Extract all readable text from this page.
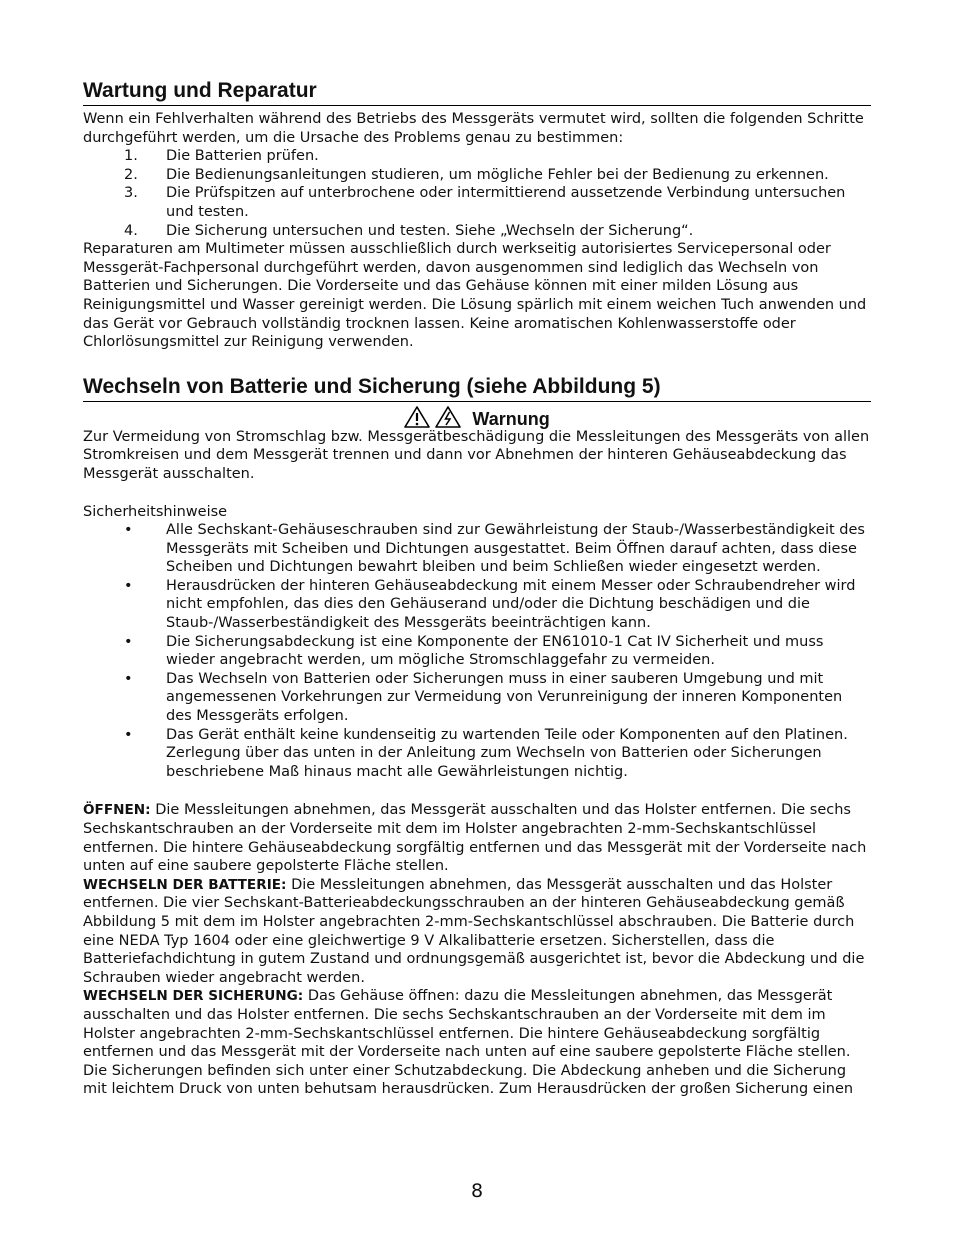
Wartung und Reparatur

Wenn ein Fehlverhalten während des Betriebs des Messgeräts vermutet wird, sollten die folgenden Schritte durchgeführt werden, um die Ursache des Problems genau zu bestimmen:

1. Die Batterien prüfen.
2. Die Bedienungsanleitungen studieren, um mögliche Fehler bei der Bedienung zu erkennen.
3. Die Prüfspitzen auf unterbrochene oder intermittierend aussetzende Verbindung untersuchen und testen.
4. Die Sicherung untersuchen und testen. Siehe „Wechseln der Sicherung“.

Reparaturen am Multimeter müssen ausschließlich durch werkseitig autorisiertes Servicepersonal oder Messgerät-Fachpersonal durchgeführt werden, davon ausgenommen sind lediglich das Wechseln von Batterien und Sicherungen. Die Vorderseite und das Gehäuse können mit einer milden Lösung aus Reinigungsmittel und Wasser gereinigt werden. Die Lösung spärlich mit einem weichen Tuch anwenden und das Gerät vor Gebrauch vollständig trocknen lassen. Keine aromatischen Kohlenwasserstoffe oder Chlorlösungsmittel zur Reinigung verwenden.

Wechseln von Batterie und Sicherung (siehe Abbildung 5)
Warnung

Zur Vermeidung von Stromschlag bzw. Messgerätbeschädigung die Messleitungen des Messgeräts von allen Stromkreisen und dem Messgerät trennen und dann vor Abnehmen der hinteren Gehäuseabdeckung das Messgerät ausschalten.

Sicherheitshinweise

• Alle Sechskant-Gehäuseschrauben sind zur Gewährleistung der Staub-/Wasserbeständigkeit des Messgeräts mit Scheiben und Dichtungen ausgestattet. Beim Öffnen darauf achten, dass diese Scheiben und Dichtungen bewahrt bleiben und beim Schließen wieder eingesetzt werden.
• Herausdrücken der hinteren Gehäuseabdeckung mit einem Messer oder Schraubendreher wird nicht empfohlen, das dies den Gehäuserand und/oder die Dichtung beschädigen und die Staub-/Wasserbeständigkeit des Messgeräts beeinträchtigen kann.
• Die Sicherungsabdeckung ist eine Komponente der EN61010-1 Cat IV Sicherheit und muss wieder angebracht werden, um mögliche Stromschlaggefahr zu vermeiden.
• Das Wechseln von Batterien oder Sicherungen muss in einer sauberen Umgebung und mit angemessenen Vorkehrungen zur Vermeidung von Verunreinigung der inneren Komponenten des Messgeräts erfolgen.
• Das Gerät enthält keine kundenseitig zu wartenden Teile oder Komponenten auf den Platinen. Zerlegung über das unten in der Anleitung zum Wechseln von Batterien oder Sicherungen beschriebene Maß hinaus macht alle Gewährleistungen nichtig.

ÖFFNEN: Die Messleitungen abnehmen, das Messgerät ausschalten und das Holster entfernen. Die sechs Sechskantschrauben an der Vorderseite mit dem im Holster angebrachten 2-mm-Sechskantschlüssel entfernen. Die hintere Gehäuseabdeckung sorgfältig entfernen und das Messgerät mit der Vorderseite nach unten auf eine saubere gepolsterte Fläche stellen.

WECHSELN DER BATTERIE: Die Messleitungen abnehmen, das Messgerät ausschalten und das Holster entfernen. Die vier Sechskant-Batterieabdeckungsschrauben an der hinteren Gehäuseabdeckung gemäß Abbildung 5 mit dem im Holster angebrachten 2-mm-Sechskantschlüssel abschrauben. Die Batterie durch eine NEDA Typ 1604 oder eine gleichwertige 9 V Alkalibatterie ersetzen. Sicherstellen, dass die Batteriefachdichtung in gutem Zustand und ordnungsgemäß ausgerichtet ist, bevor die Abdeckung und die Schrauben wieder angebracht werden.

WECHSELN DER SICHERUNG: Das Gehäuse öffnen: dazu die Messleitungen abnehmen, das Messgerät ausschalten und das Holster entfernen. Die sechs Sechskantschrauben an der Vorderseite mit dem im Holster angebrachten 2-mm-Sechskantschlüssel entfernen. Die hintere Gehäuseabdeckung sorgfältig entfernen und das Messgerät mit der Vorderseite nach unten auf eine saubere gepolsterte Fläche stellen. Die Sicherungen befinden sich unter einer Schutzabdeckung. Die Abdeckung anheben und die Sicherung mit leichtem Druck von unten behutsam herausdrücken. Zum Herausdrücken der großen Sicherung einen

8
